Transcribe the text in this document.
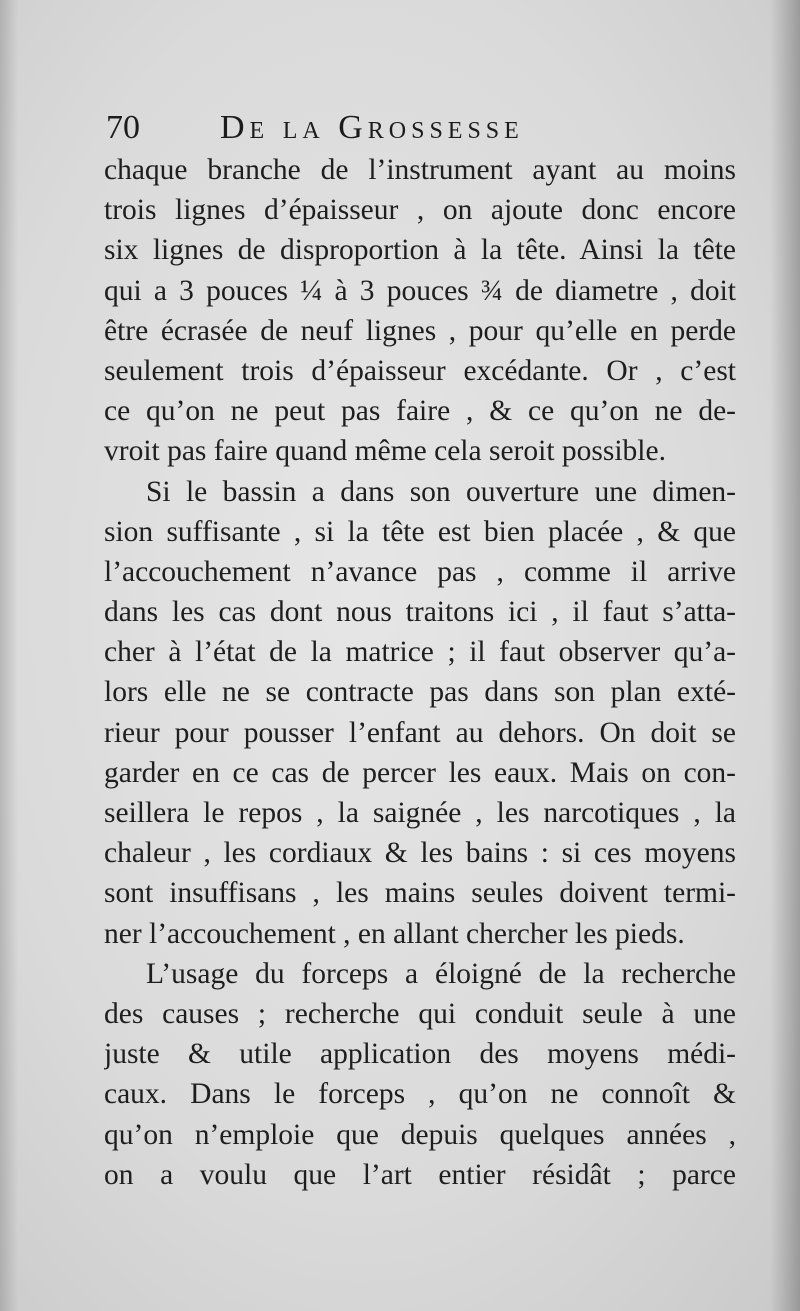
70 De la Grossesse
chaque branche de l’instrument ayant au moins
trois lignes d’épaisseur , on ajoute donc encore
six lignes de disproportion à la tête. Ainsi la tête
qui a 3 pouces ¼ à 3 pouces ¾ de diametre , doit
être écrasée de neuf lignes , pour qu’elle en perde
seulement trois d’épaisseur excédante. Or , c’est
ce qu’on ne peut pas faire , & ce qu’on ne de-
vroit pas faire quand même cela seroit possible.
Si le bassin a dans son ouverture une dimen-
sion suffisante , si la tête est bien placée , & que
l’accouchement n’avance pas , comme il arrive
dans les cas dont nous traitons ici , il faut s’atta-
cher à l’état de la matrice ; il faut observer qu’a-
lors elle ne se contracte pas dans son plan exté-
rieur pour pousser l’enfant au dehors. On doit se
garder en ce cas de percer les eaux. Mais on con-
seillera le repos , la saignée , les narcotiques , la
chaleur , les cordiaux & les bains : si ces moyens
sont insuffisans , les mains seules doivent termi-
ner l’accouchement , en allant chercher les pieds.
L’usage du forceps a éloigné de la recherche
des causes ; recherche qui conduit seule à une
juste & utile application des moyens médi-
caux. Dans le forceps , qu’on ne connoît &
qu’on n’emploie que depuis quelques années ,
on a voulu que l’art entier résidât ; parce
